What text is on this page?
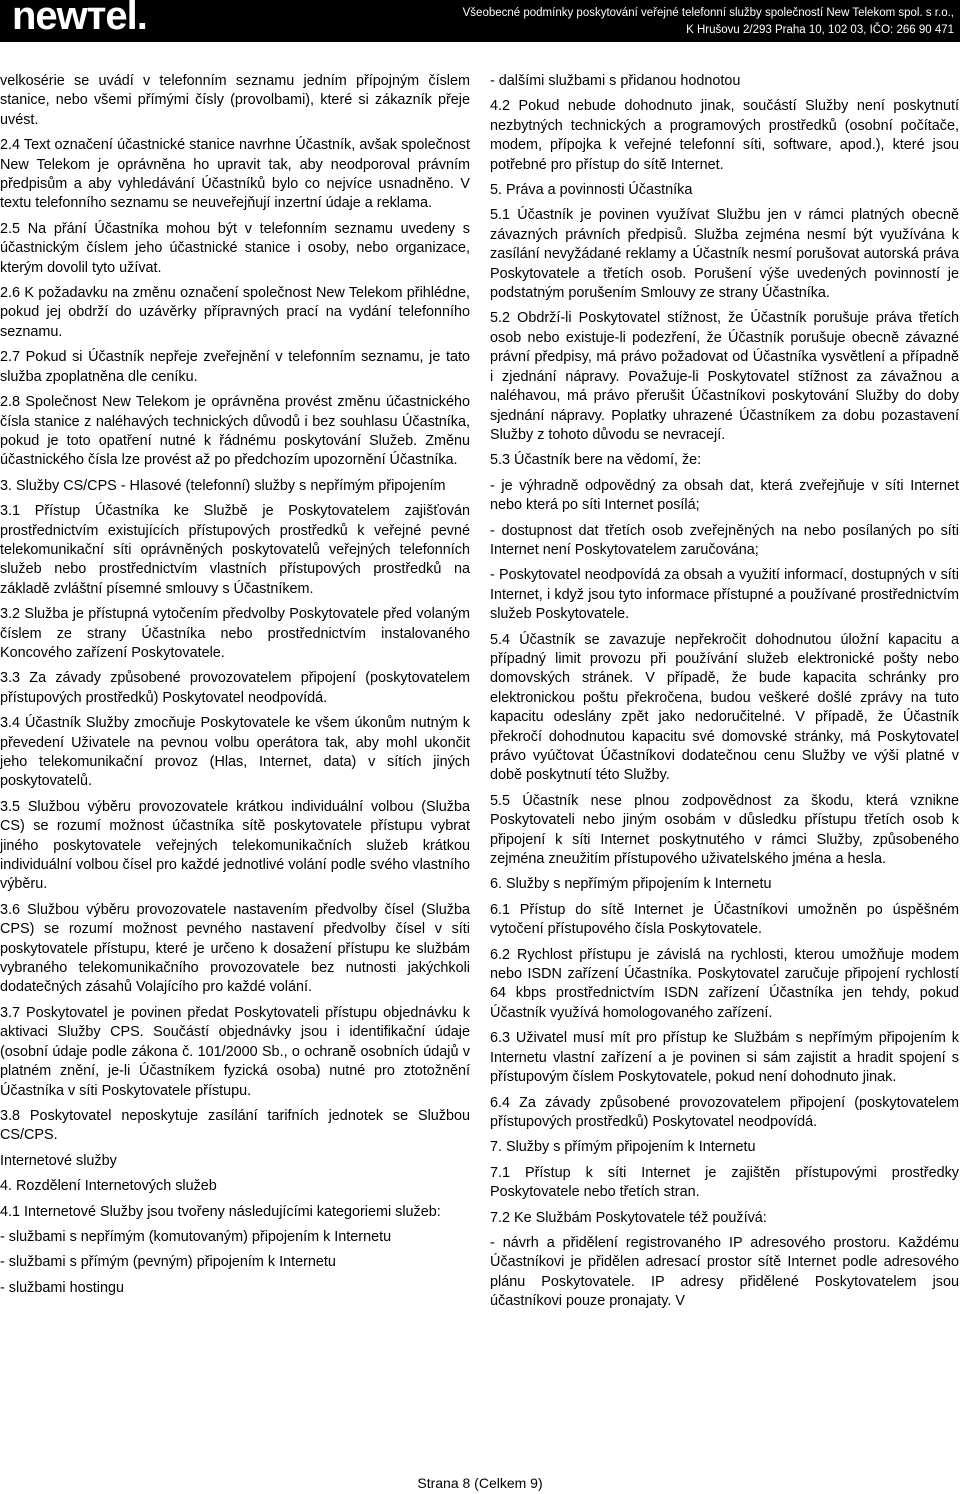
newтel.	Všeobecné podmínky poskytování veřejné telefonní služby společností New Telekom spol. s r.o.,
K Hrušovu 2/293 Praha 10, 102 03, IČO: 266 90 471

velkosérie se uvádí v telefonním seznamu jedním přípojným číslem stanice, nebo všemi přímými čísly (provolbami), které si zákazník přeje uvést.

2.4 Text označení účastnické stanice navrhne Účastník, avšak společnost New Telekom je oprávněna ho upravit tak, aby neodporoval právním předpisům a aby vyhledávání Účastníků bylo co nejvíce usnadněno. V textu telefonního seznamu se neuveřejňují inzertní údaje a reklama.

2.5 Na přání Účastníka mohou být v telefonním seznamu uvedeny s účastnickým číslem jeho účastnické stanice i osoby, nebo organizace, kterým dovolil tyto užívat.

2.6 K požadavku na změnu označení společnost New Telekom přihlédne, pokud jej obdrží do uzávěrky přípravných prací na vydání telefonního seznamu.

2.7 Pokud si Účastník nepřeje zveřejnění v telefonním seznamu, je tato služba zpoplatněna dle ceníku.

2.8 Společnost New Telekom je oprávněna provést změnu účastnického čísla stanice z naléhavých technických důvodů i bez souhlasu Účastníka, pokud je toto opatření nutné k řádnému poskytování Služeb. Změnu účastnického čísla lze provést až po předchozím upozornění Účastníka.

3. Služby CS/CPS - Hlasové (telefonní) služby s nepřímým připojením

3.1 Přístup Účastníka ke Službě je Poskytovatelem zajišťován prostřednictvím existujících přístupových prostředků k veřejné pevné telekomunikační síti oprávněných poskytovatelů veřejných telefonních služeb nebo prostřednictvím vlastních přístupových prostředků na základě zvláštní písemné smlouvy s Účastníkem.

3.2 Služba je přístupná vytočením předvolby Poskytovatele před volaným číslem ze strany Účastníka nebo prostřednictvím instalovaného Koncového zařízení Poskytovatele.

3.3 Za závady způsobené provozovatelem připojení (poskytovatelem přístupových prostředků) Poskytovatel neodpovídá.

3.4 Účastník Služby zmocňuje Poskytovatele ke všem úkonům nutným k převedení Uživatele na pevnou volbu operátora tak, aby mohl ukončit jeho telekomunikační provoz (Hlas, Internet, data) v sítích jiných poskytovatelů.

3.5 Službou výběru provozovatele krátkou individuální volbou (Služba CS) se rozumí možnost účastníka sítě poskytovatele přístupu vybrat jiného poskytovatele veřejných telekomunikačních služeb krátkou individuální volbou čísel pro každé jednotlivé volání podle svého vlastního výběru.

3.6 Službou výběru provozovatele nastavením předvolby čísel (Služba CPS) se rozumí možnost pevného nastavení předvolby čísel v síti poskytovatele přístupu, které je určeno k dosažení přístupu ke službám vybraného telekomunikačního provozovatele bez nutnosti jakýchkoli dodatečných zásahů Volajícího pro každé volání.

3.7 Poskytovatel je povinen předat Poskytovateli přístupu objednávku k aktivaci Služby CPS. Součástí objednávky jsou i identifikační údaje (osobní údaje podle zákona č. 101/2000 Sb., o ochraně osobních údajů v platném znění, je-li Účastníkem fyzická osoba) nutné pro ztotožnění Účastníka v síti Poskytovatele přístupu.

3.8 Poskytovatel neposkytuje zasílání tarifních jednotek se Službou CS/CPS.

Internetové služby

4. Rozdělení Internetových služeb

4.1 Internetové Služby jsou tvořeny následujícími kategoriemi služeb:

- službami s nepřímým (komutovaným) připojením k Internetu

- službami s přímým (pevným) připojením k Internetu

- službami hostingu

- dalšími službami s přidanou hodnotou

4.2 Pokud nebude dohodnuto jinak, součástí Služby není poskytnutí nezbytných technických a programových prostředků (osobní počítače, modem, přípojka k veřejné telefonní síti, software, apod.), které jsou potřebné pro přístup do sítě Internet.

5. Práva a povinnosti Účastníka

5.1 Účastník je povinen využívat Službu jen v rámci platných obecně závazných právních předpisů. Služba zejména nesmí být využívána k zasílání nevyžádané reklamy a Účastník nesmí porušovat autorská práva Poskytovatele a třetích osob. Porušení výše uvedených povinností je podstatným porušením Smlouvy ze strany Účastníka.

5.2 Obdrží-li Poskytovatel stížnost, že Účastník porušuje práva třetích osob nebo existuje-li podezření, že Účastník porušuje obecně závazné právní předpisy, má právo požadovat od Účastníka vysvětlení a případně i zjednání nápravy. Považuje-li Poskytovatel stížnost za závažnou a naléhavou, má právo přerušit Účastníkovi poskytování Služby do doby sjednání nápravy. Poplatky uhrazené Účastníkem za dobu pozastavení Služby z tohoto důvodu se nevracejí.

5.3 Účastník bere na vědomí, že:

- je výhradně odpovědný za obsah dat, která zveřejňuje v síti Internet nebo která po síti Internet posílá;

- dostupnost dat třetích osob zveřejněných na nebo posílaných po síti Internet není Poskytovatelem zaručována;

- Poskytovatel neodpovídá za obsah a využití informací, dostupných v síti Internet, i když jsou tyto informace přístupné a používané prostřednictvím služeb Poskytovatele.

5.4 Účastník se zavazuje nepřekročit dohodnutou úložní kapacitu a případný limit provozu při používání služeb elektronické pošty nebo domovských stránek. V případě, že bude kapacita schránky pro elektronickou poštu překročena, budou veškeré došlé zprávy na tuto kapacitu odeslány zpět jako nedoručitelné. V případě, že Účastník překročí dohodnutou kapacitu své domovské stránky, má Poskytovatel právo vyúčtovat Účastníkovi dodatečnou cenu Služby ve výši platné v době poskytnutí této Služby.

5.5 Účastník nese plnou zodpovědnost za škodu, která vznikne Poskytovateli nebo jiným osobám v důsledku přístupu třetích osob k připojení k síti Internet poskytnutého v rámci Služby, způsobeného zejména zneužitím přístupového uživatelského jména a hesla.

6. Služby s nepřímým připojením k Internetu

6.1 Přístup do sítě Internet je Účastníkovi umožněn po úspěšném vytočení přístupového čísla Poskytovatele.

6.2 Rychlost přístupu je závislá na rychlosti, kterou umožňuje modem nebo ISDN zařízení Účastníka. Poskytovatel zaručuje připojení rychlostí 64 kbps prostřednictvím ISDN zařízení Účastníka jen tehdy, pokud Účastník využívá homologovaného zařízení.

6.3 Uživatel musí mít pro přístup ke Službám s nepřímým připojením k Internetu vlastní zařízení a je povinen si sám zajistit a hradit spojení s přístupovým číslem Poskytovatele, pokud není dohodnuto jinak.

6.4 Za závady způsobené provozovatelem připojení (poskytovatelem přístupových prostředků) Poskytovatel neodpovídá.

7. Služby s přímým připojením k Internetu

7.1 Přístup k síti Internet je zajištěn přístupovými prostředky Poskytovatele nebo třetích stran.

7.2 Ke Službám Poskytovatele též používá:

- návrh a přidělení registrovaného IP adresového prostoru. Každému Účastníkovi je přidělen adresací prostor sítě Internet podle adresového plánu Poskytovatele. IP adresy přidělené Poskytovatelem jsou účastníkovi pouze pronajaty. V

Strana 8 (Celkem 9)
